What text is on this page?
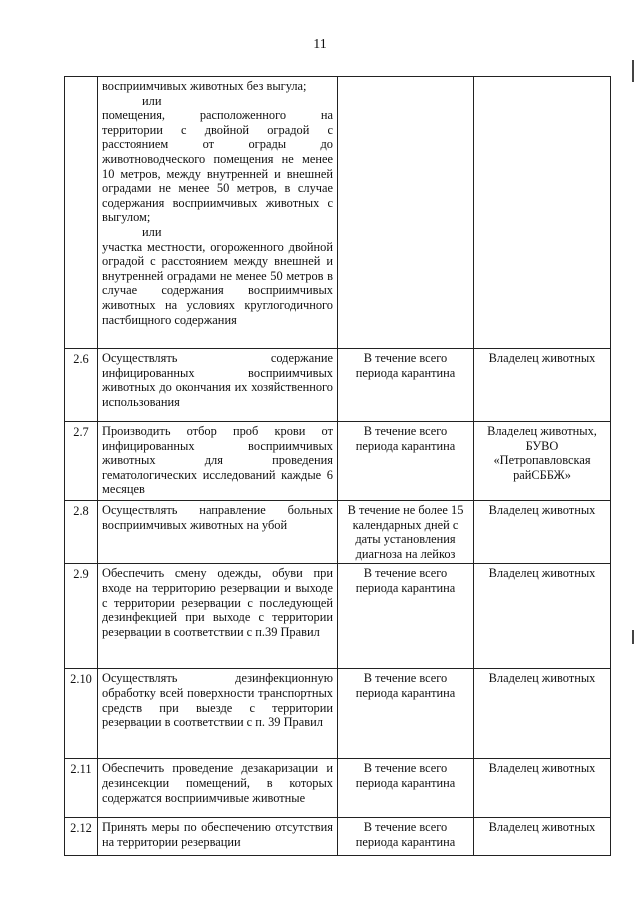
11

	восприимчивых животных без выгула;

или

помещения, расположенного на территории с двойной оградой с расстоянием от ограды до животноводческого помещения не менее 10 метров, между внутренней и внешней оградами не менее 50 метров, в случае содержания восприимчивых животных с выгулом;

или

участка местности, огороженного двойной оградой с расстоянием между внешней и внутренней оградами не менее 50 метров в случае содержания восприимчивых животных на условиях круглогодичного пастбищного содержания		

2.6	Осуществлять содержание инфицированных восприимчивых животных до окончания их хозяйственного использования	В течение всего периода карантина	Владелец животных
2.7	Производить отбор проб крови от инфицированных восприимчивых животных для проведения гематологических исследований каждые 6 месяцев	В течение всего периода карантина	Владелец животных, БУВО «Петропавловская райСББЖ»
2.8	Осуществлять направление больных восприимчивых животных на убой	В течение не более 15 календарных дней с даты установления диагноза на лейкоз	Владелец животных
2.9	Обеспечить смену одежды, обуви при входе на территорию резервации и выходе с территории резервации с последующей дезинфекцией при выходе с территории резервации в соответствии с п.39 Правил	В течение всего периода карантина	Владелец животных
2.10	Осуществлять дезинфекционную обработку всей поверхности транспортных средств при выезде с территории резервации в соответствии с п. 39 Правил	В течение всего периода карантина	Владелец животных
2.11	Обеспечить проведение дезакаризации и дезинсекции помещений, в которых содержатся восприимчивые животные	В течение всего периода карантина	Владелец животных
2.12	Принять меры по обеспечению отсутствия на территории резервации	В течение всего периода карантина	Владелец животных
